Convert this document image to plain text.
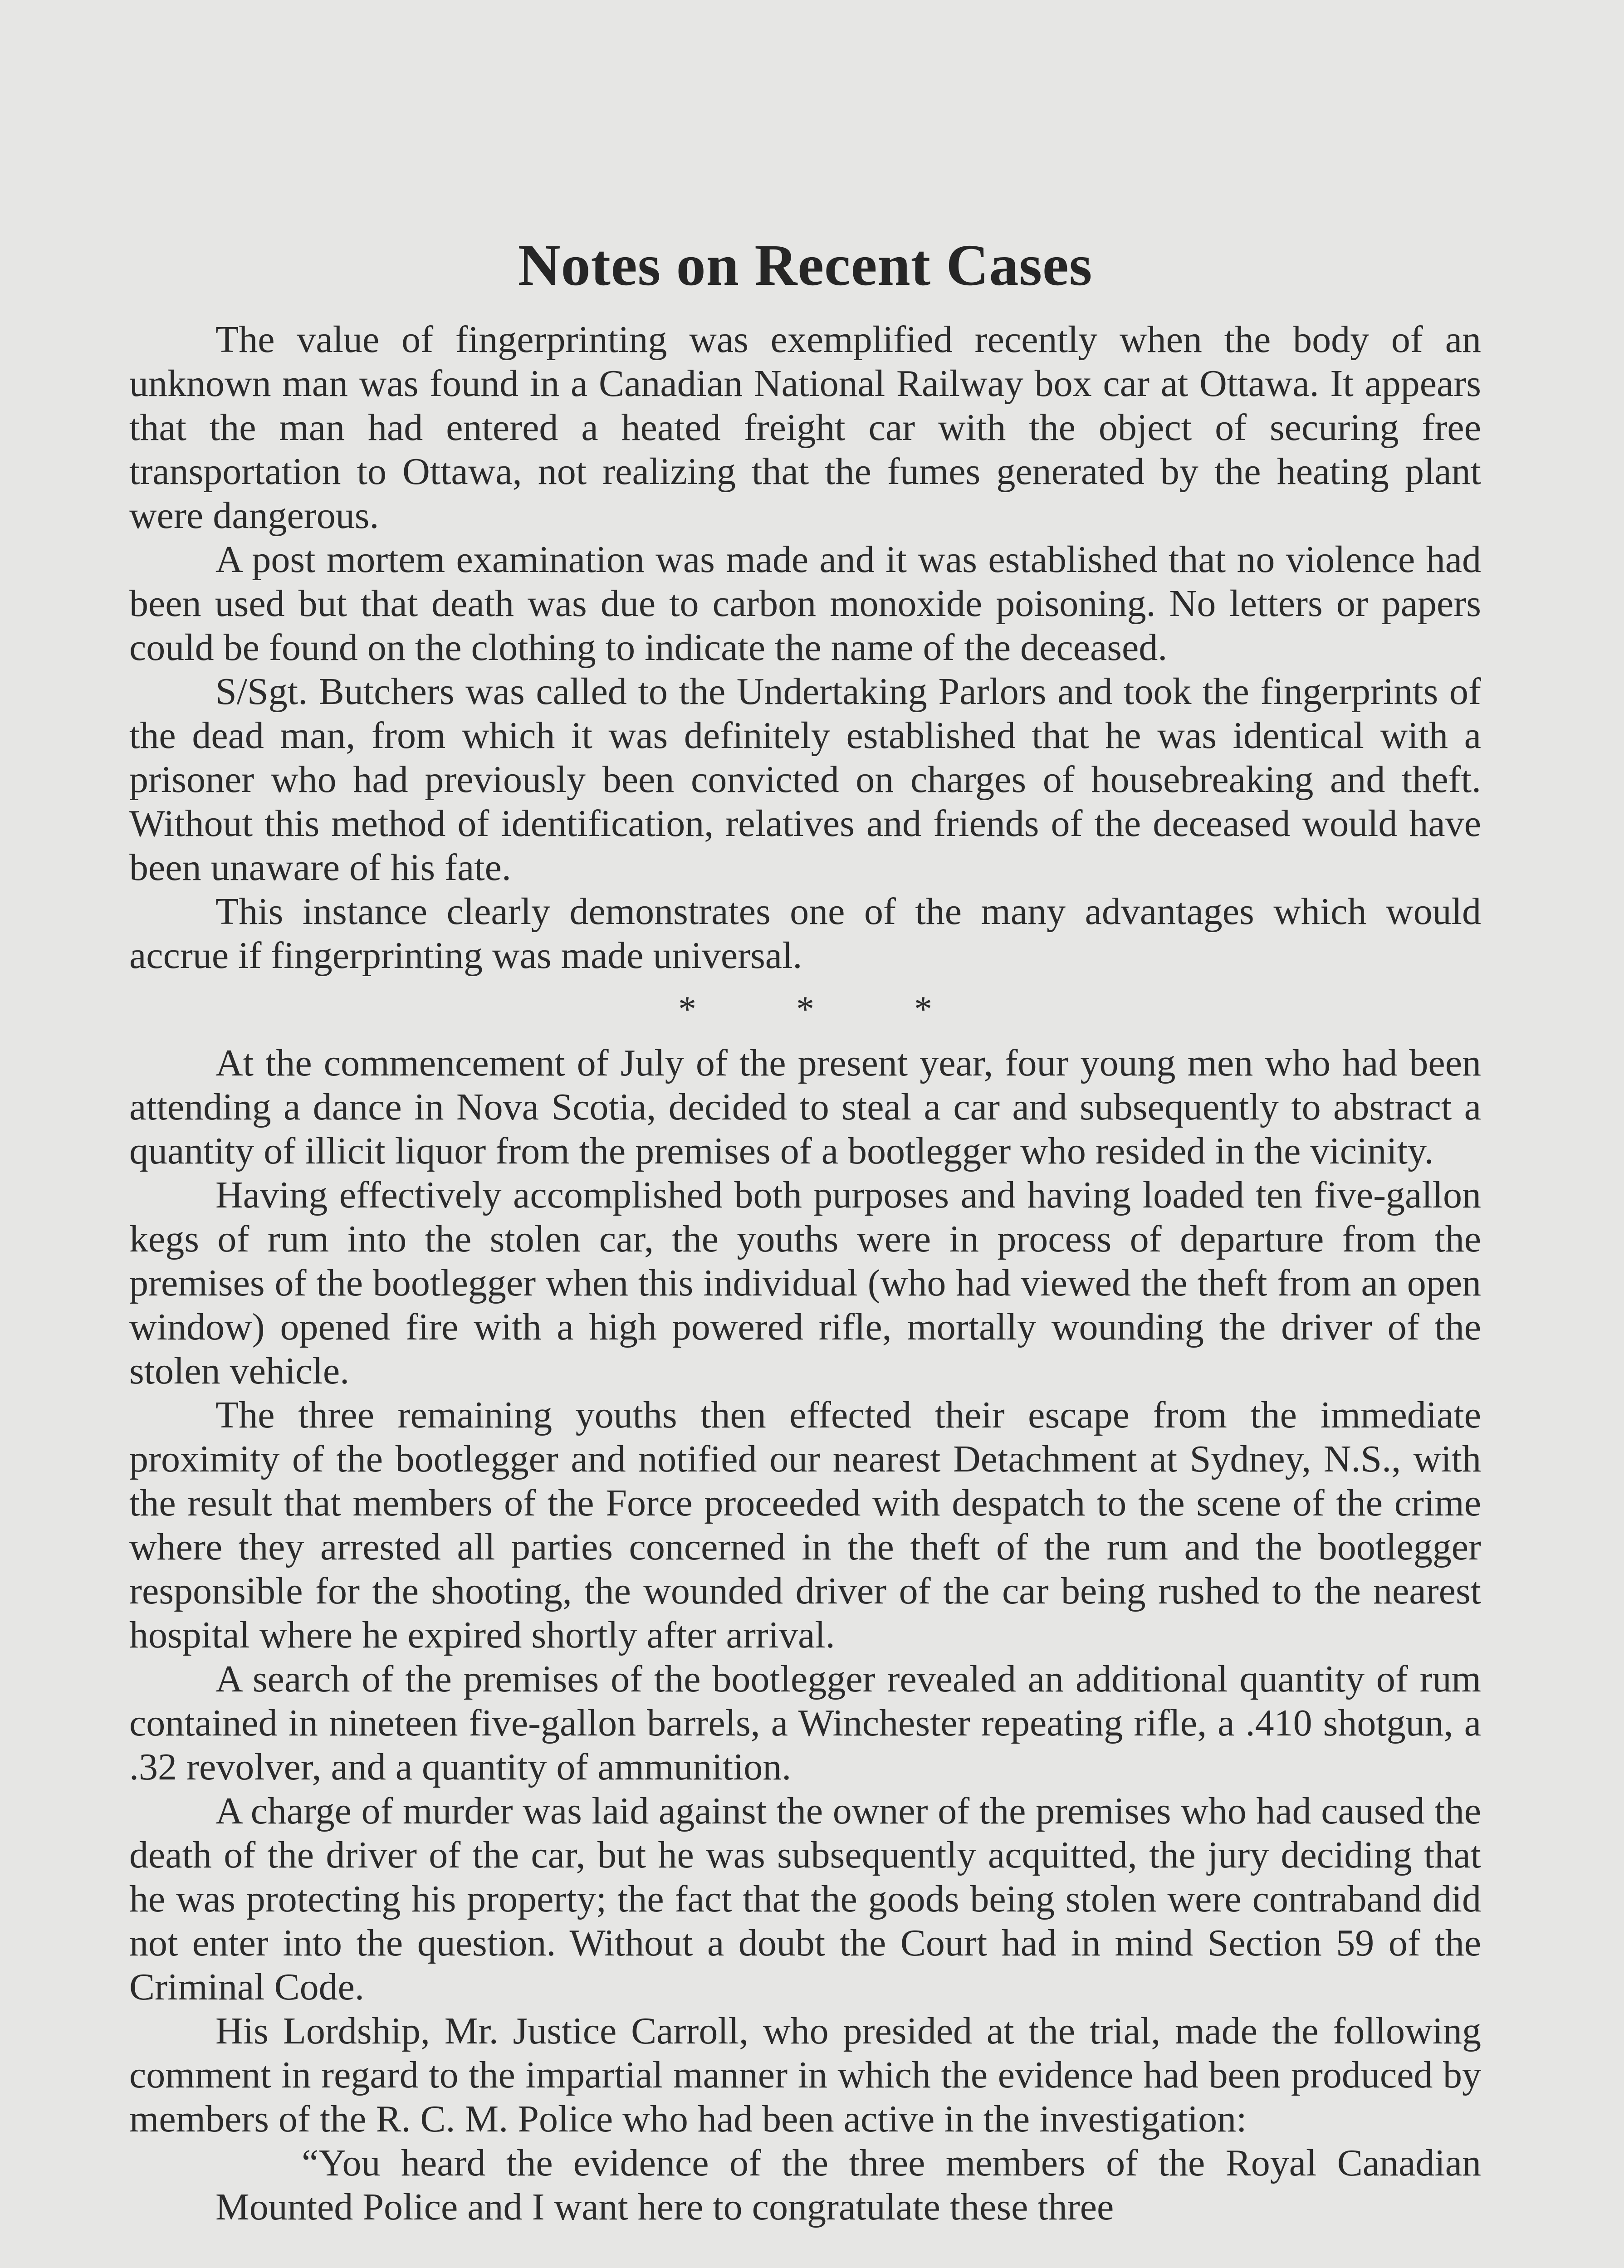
Notes on Recent Cases

The value of fingerprinting was exemplified recently when the body of an unknown man was found in a Canadian National Railway box car at Ottawa. It appears that the man had entered a heated freight car with the object of securing free transportation to Ottawa, not realizing that the fumes generated by the heating plant were dangerous.

A post mortem examination was made and it was established that no violence had been used but that death was due to carbon monoxide poisoning. No letters or papers could be found on the clothing to indicate the name of the deceased.

S/Sgt. Butchers was called to the Undertaking Parlors and took the fingerprints of the dead man, from which it was definitely established that he was identical with a prisoner who had previously been convicted on charges of housebreaking and theft. Without this method of identification, relatives and friends of the deceased would have been unaware of his fate.

This instance clearly demonstrates one of the many advantages which would accrue if fingerprinting was made universal.

*	*	*

At the commencement of July of the present year, four young men who had been attending a dance in Nova Scotia, decided to steal a car and subsequently to abstract a quantity of illicit liquor from the premises of a bootlegger who resided in the vicinity.

Having effectively accomplished both purposes and having loaded ten five-gallon kegs of rum into the stolen car, the youths were in process of departure from the premises of the bootlegger when this individual (who had viewed the theft from an open window) opened fire with a high powered rifle, mortally wounding the driver of the stolen vehicle.

The three remaining youths then effected their escape from the immediate proximity of the bootlegger and notified our nearest Detachment at Sydney, N.S., with the result that members of the Force proceeded with despatch to the scene of the crime where they arrested all parties concerned in the theft of the rum and the bootlegger responsible for the shooting, the wounded driver of the car being rushed to the nearest hospital where he expired shortly after arrival.

A search of the premises of the bootlegger revealed an additional quantity of rum contained in nineteen five-gallon barrels, a Winchester repeating rifle, a .410 shotgun, a .32 revolver, and a quantity of ammunition.

A charge of murder was laid against the owner of the premises who had caused the death of the driver of the car, but he was subsequently acquitted, the jury deciding that he was protecting his property; the fact that the goods being stolen were contraband did not enter into the question. Without a doubt the Court had in mind Section 59 of the Criminal Code.

His Lordship, Mr. Justice Carroll, who presided at the trial, made the following comment in regard to the impartial manner in which the evidence had been produced by members of the R. C. M. Police who had been active in the investigation:

“You heard the evidence of the three members of the Royal Canadian Mounted Police and I want here to congratulate these three
